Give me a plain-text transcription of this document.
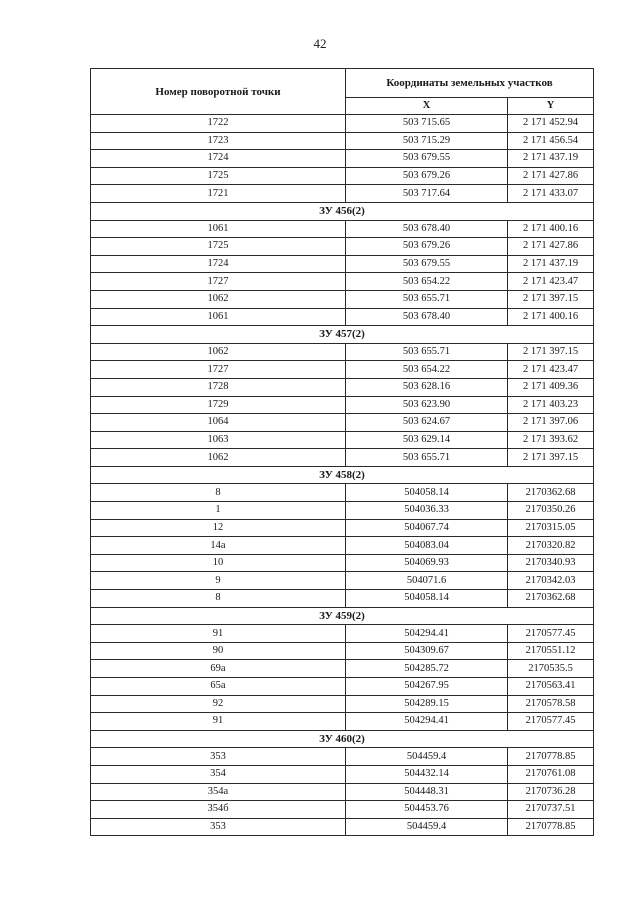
42
Номер поворотной точки	Координаты земельных участков	
	X	Y
1722	503 715.65	2 171 452.94
1723	503 715.29	2 171 456.54
1724	503 679.55	2 171 437.19
1725	503 679.26	2 171 427.86
1721	503 717.64	2 171 433.07
ЗУ 456(2)		
1061	503 678.40	2 171 400.16
1725	503 679.26	2 171 427.86
1724	503 679.55	2 171 437.19
1727	503 654.22	2 171 423.47
1062	503 655.71	2 171 397.15
1061	503 678.40	2 171 400.16
ЗУ 457(2)		
1062	503 655.71	2 171 397.15
1727	503 654.22	2 171 423.47
1728	503 628.16	2 171 409.36
1729	503 623.90	2 171 403.23
1064	503 624.67	2 171 397.06
1063	503 629.14	2 171 393.62
1062	503 655.71	2 171 397.15
ЗУ 458(2)		
8	504058.14	2170362.68
1	504036.33	2170350.26
12	504067.74	2170315.05
14а	504083.04	2170320.82
10	504069.93	2170340.93
9	504071.6	2170342.03
8	504058.14	2170362.68
ЗУ 459(2)		
91	504294.41	2170577.45
90	504309.67	2170551.12
69а	504285.72	2170535.5
65а	504267.95	2170563.41
92	504289.15	2170578.58
91	504294.41	2170577.45
ЗУ 460(2)		
353	504459.4	2170778.85
354	504432.14	2170761.08
354а	504448.31	2170736.28
354б	504453.76	2170737.51
353	504459.4	2170778.85
